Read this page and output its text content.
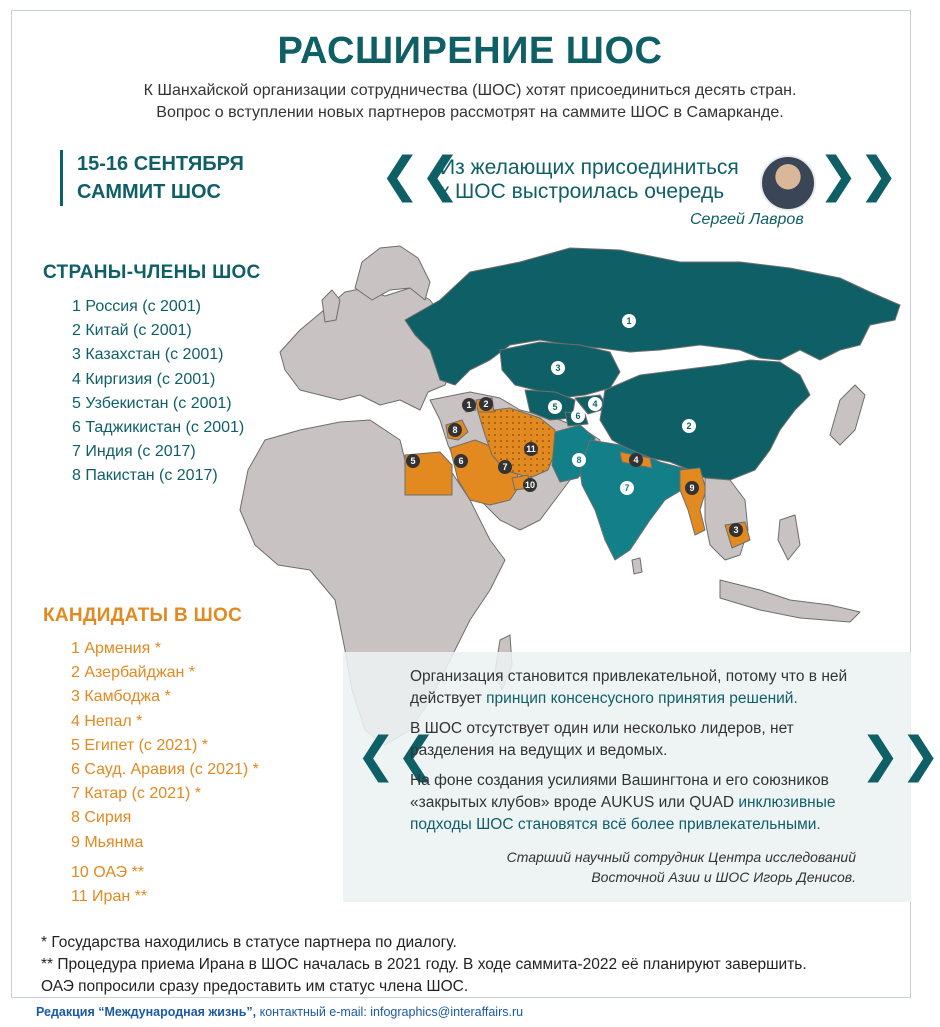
1
2
3
4
5
6
7
8
1 2
3
4
5	6
7
8
9
10
11
РАСШИРЕНИЕ ШОС
К Шанхайской организации сотрудничества (ШОС) хотят присоединиться десять стран.
Вопрос о вступлении новых партнеров рассмотрят на саммите ШОС в Самарканде.
15-16 СЕНТЯБРЯ
САММИТ ШОС	❮❮
Из желающих присоединиться
к ШОС выстроилась очередь	❯❯
Сергей Лавров
СТРАНЫ-ЧЛЕНЫ ШОС
1 Россия (с 2001)
2 Китай (с 2001)
3 Казахстан (с 2001)
4 Киргизия (с 2001)
5 Узбекистан (с 2001)
6 Таджикистан (с 2001)
7 Индия (с 2017)
8 Пакистан (с 2017)
КАНДИДАТЫ В ШОС
1 Армения *
2 Азербайджан *
3 Камбоджа *
4 Непал *
5 Египет (с 2021) *
6 Сауд. Аравия (с 2021) *
7 Катар (с 2021) *
8 Сирия
9 Мьянма
10 ОАЭ **
11 Иран **
❮❮	❯❯

Организация становится привлекательной, потому что в ней действует принцип консенсусного принятия решений.

В ШОС отсутствует один или несколько лидеров, нет разделения на ведущих и ведомых.

На фоне создания усилиями Вашингтона и его союзников «закрытых клубов» вроде AUKUS или QUAD инклюзивные подходы ШОС становятся всё более привлекательными.

Старший научный сотрудник Центра исследований
Восточной Азии и ШОС Игорь Денисов.
* Государства находились в статусе партнера по диалогу.
** Процедура приема Ирана в ШОС началась в 2021 году. В ходе саммита-2022 её планируют завершить.
ОАЭ попросили сразу предоставить им статус члена ШОС.
Редакция “Международная жизнь”, контактный e-mail: infographics@interaffairs.ru
